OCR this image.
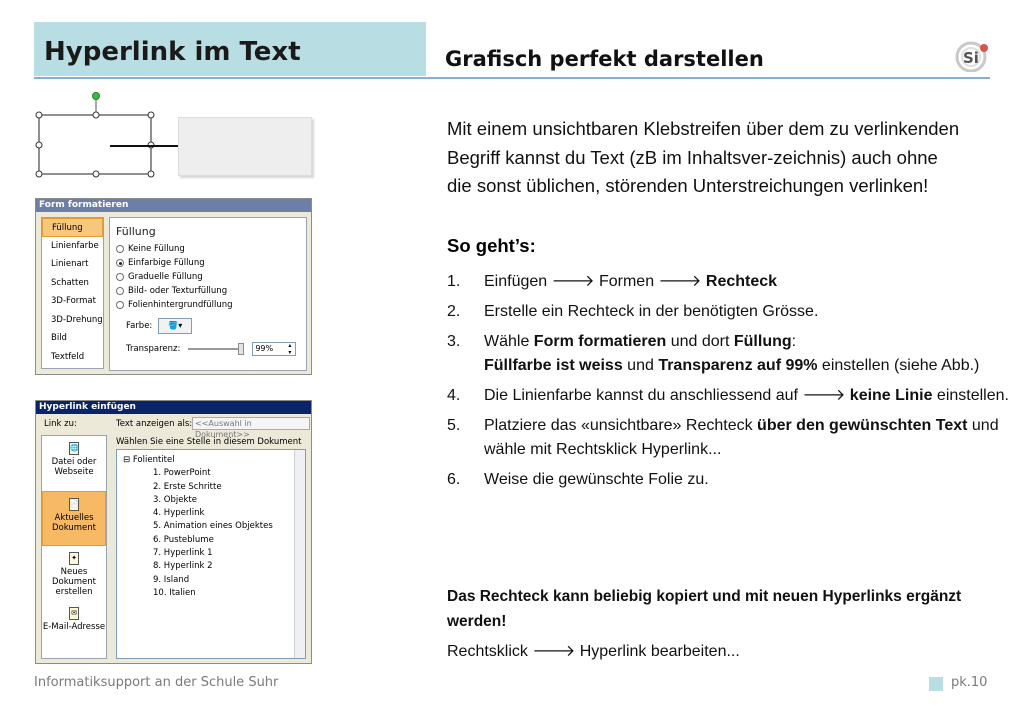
Hyperlink im Text	Grafisch perfekt darstellen	Si
Form formatieren
Füllung
Linienfarbe
Linienart
Schatten
3D-Format
3D-Drehung
Bild
Textfeld
Füllung
Keine Füllung
Einfarbige Füllung
Graduelle Füllung
Bild- oder Texturfüllung
Folienhintergrundfüllung
Farbe:	🪣▾
Transparenz:	99% ▴▾
Hyperlink einfügen
Link zu:	Text anzeigen als: <<Auswahl in Dokument>>
Wählen Sie eine Stelle in diesem Dokument
🌐
Datei oder Webseite
📄
Aktuelles Dokument
✦
Neues Dokument erstellen
✉
E-Mail-Adresse
⊟ Folientitel
1. PowerPoint
2. Erste Schritte
3. Objekte
4. Hyperlink
5. Animation eines Objektes
6. Pusteblume
7. Hyperlink 1
8. Hyperlink 2
9. Island
10. Italien
Mit einem unsichtbaren Klebstreifen über dem zu verlinkenden Begriff kannst du Text (zB im Inhaltsver-zeichnis) auch ohne die sonst üblichen, störenden Unterstreichungen verlinken!
So geht’s:
1.	Einfügen 🡒 Formen 🡒 Rechteck
2.	Erstelle ein Rechteck in der benötigten Grösse.
3.	Wähle Form formatieren und dort Füllung:
Füllfarbe ist weiss und Transparenz auf 99% einstellen (siehe Abb.)
4.	Die Linienfarbe kannst du anschliessend auf 🡒 keine Linie einstellen.
5.	Platziere das «unsichtbare» Rechteck über den gewünschten Text und wähle mit Rechtsklick Hyperlink...
6.	Weise die gewünschte Folie zu.
Das Rechteck kann beliebig kopiert und mit neuen Hyperlinks ergänzt werden!
Rechtsklick 🡒 Hyperlink bearbeiten...
Informatiksupport an der Schule Suhr	pk.10
